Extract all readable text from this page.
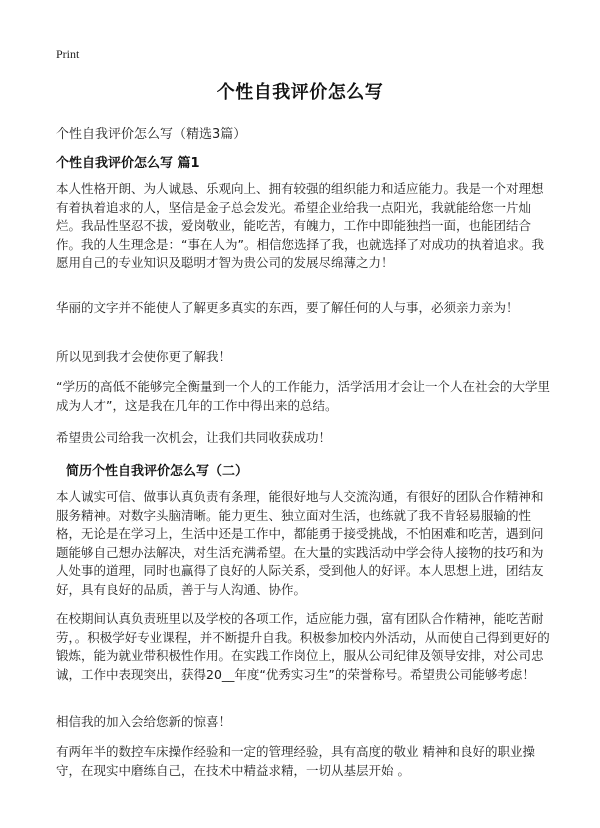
Print
个性自我评价怎么写

个性自我评价怎么写（精选3篇）

个性自我评价怎么写 篇1

本人性格开朗、为人诚恳、乐观向上、拥有较强的组织能力和适应能力。我是一个对理想有着执着追求的人，坚信是金子总会发光。希望企业给我一点阳光，我就能给您一片灿烂。我品性坚忍不拔，爱岗敬业，能吃苦，有魄力，工作中即能独挡一面，也能团结合作。我的人生理念是：“事在人为”。相信您选择了我，也就选择了对成功的执着追求。我愿用自己的专业知识及聪明才智为贵公司的发展尽绵薄之力！

华丽的文字并不能使人了解更多真实的东西，要了解任何的人与事，必须亲力亲为！

所以见到我才会使你更了解我！

“学历的高低不能够完全衡量到一个人的工作能力，活学活用才会让一个人在社会的大学里成为人才”，这是我在几年的工作中得出来的总结。

希望贵公司给我一次机会，让我们共同收获成功！

简历个性自我评价怎么写（二）

本人诚实可信、做事认真负责有条理，能很好地与人交流沟通，有很好的团队合作精神和服务精神。对数字头脑清晰。能力更生、独立面对生活，也练就了我不肯轻易服输的性格，无论是在学习上，生活中还是工作中，都能勇于接受挑战，不怕困难和吃苦，遇到问题能够自己想办法解决，对生活充满希望。在大量的实践活动中学会待人接物的技巧和为人处事的道理，同时也赢得了良好的人际关系，受到他人的好评。本人思想上进，团结友好，具有良好的品质，善于与人沟通、协作。

在校期间认真负责班里以及学校的各项工作，适应能力强，富有团队合作精神，能吃苦耐劳，。积极学好专业课程，并不断提升自我。积极参加校内外活动，从而使自己得到更好的锻炼，能为就业带积极性作用。在实践工作岗位上，服从公司纪律及领导安排，对公司忠诚，工作中表现突出，获得20__年度“优秀实习生”的荣誉称号。希望贵公司能够考虑！

相信我的加入会给您新的惊喜！

有两年半的数控车床操作经验和一定的管理经验，具有高度的敬业 精神和良好的职业操守，在现实中磨练自己，在技术中精益求精，一切从基层开始 。
